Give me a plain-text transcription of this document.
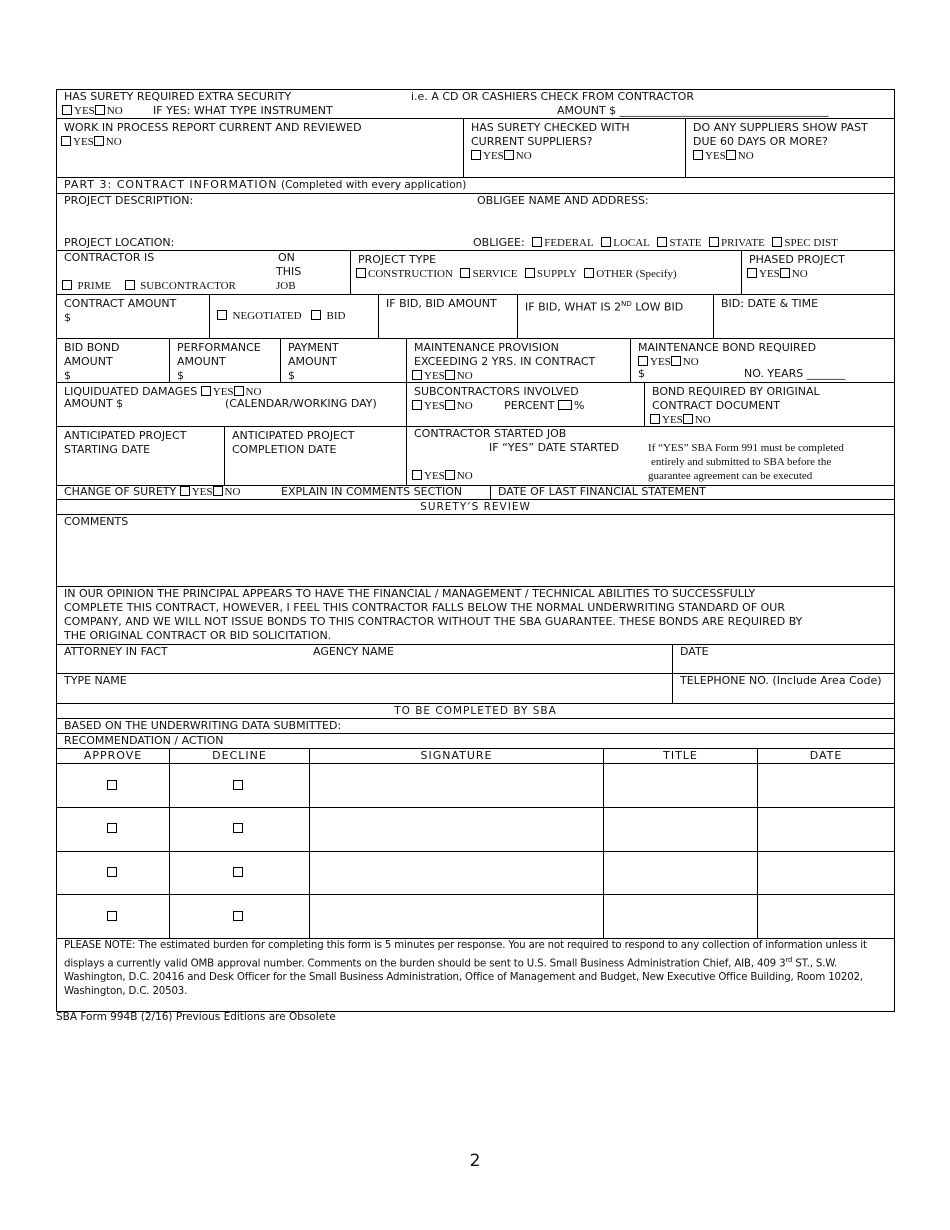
HAS SURETY REQUIRED EXTRA SECURITY	i.e. A CD OR CASHIERS CHECK FROM CONTRACTOR
YES NO	IF YES: WHAT TYPE INSTRUMENT	AMOUNT $ ______________________________________
WORK IN PROCESS REPORT CURRENT AND REVIEWED
YES NO
HAS SURETY CHECKED WITH
CURRENT SUPPLIERS?
YES NO
DO ANY SUPPLIERS SHOW PAST
DUE 60 DAYS OR MORE?
YES NO
PART 3: CONTRACT INFORMATION (Completed with every application)
PROJECT DESCRIPTION:	OBLIGEE NAME AND ADDRESS:
PROJECT LOCATION:	OBLIGEE: FEDERAL LOCAL STATE PRIVATE SPEC DIST
CONTRACTOR IS	ON
THIS
JOB
PRIME	SUBCONTRACTOR
PROJECT TYPE
CONSTRUCTION SERVICE SUPPLY OTHER (Specify)
PHASED PROJECT
YES NO
CONTRACT AMOUNT
$	NEGOTIATED BID
IF BID, BID AMOUNT	IF BID, WHAT IS 2ND LOW BID	BID: DATE & TIME
BID BOND
AMOUNT
$
PERFORMANCE
AMOUNT
$
PAYMENT
AMOUNT
$
MAINTENANCE PROVISION
EXCEEDING 2 YRS. IN CONTRACT
YES NO
MAINTENANCE BOND REQUIRED
YES NO
$	NO. YEARS _______
LIQUIDUATED DAMAGES YES NO
AMOUNT $	(CALENDAR/WORKING DAY)
SUBCONTRACTORS INVOLVED
YES NO	PERCENT %
BOND REQUIRED BY ORIGINAL
CONTRACT DOCUMENT
YES NO
ANTICIPATED PROJECT
STARTING DATE
ANTICIPATED PROJECT
COMPLETION DATE
CONTRACTOR STARTED JOB
IF “YES” DATE STARTED	If “YES” SBA Form 991 must be completed
entirely and submitted to SBA before the
guarantee agreement can be executed
YES NO
CHANGE OF SURETY YES NO	EXPLAIN IN COMMENTS SECTION	DATE OF LAST FINANCIAL STATEMENT
SURETY’S REVIEW
COMMENTS
IN OUR OPINION THE PRINCIPAL APPEARS TO HAVE THE FINANCIAL / MANAGEMENT / TECHNICAL ABILITIES TO SUCCESSFULLY
COMPLETE THIS CONTRACT, HOWEVER, I FEEL THIS CONTRACTOR FALLS BELOW THE NORMAL UNDERWRITING STANDARD OF OUR
COMPANY, AND WE WILL NOT ISSUE BONDS TO THIS CONTRACTOR WITHOUT THE SBA GUARANTEE. THESE BONDS ARE REQUIRED BY
THE ORIGINAL CONTRACT OR BID SOLICITATION.
ATTORNEY IN FACT	AGENCY NAME	DATE
TYPE NAME	TELEPHONE NO. (Include Area Code)
TO BE COMPLETED BY SBA
BASED ON THE UNDERWRITING DATA SUBMITTED:
RECOMMENDATION / ACTION
APPROVE	DECLINE	SIGNATURE	TITLE	DATE
PLEASE NOTE: The estimated burden for completing this form is 5 minutes per response. You are not required to respond to any collection of information unless it
displays a currently valid OMB approval number. Comments on the burden should be sent to U.S. Small Business Administration Chief, AIB, 409 3rd ST., S.W.
Washington, D.C. 20416 and Desk Officer for the Small Business Administration, Office of Management and Budget, New Executive Office Building, Room 10202,
Washington, D.C. 20503.
SBA Form 994B (2/16) Previous Editions are Obsolete
2
